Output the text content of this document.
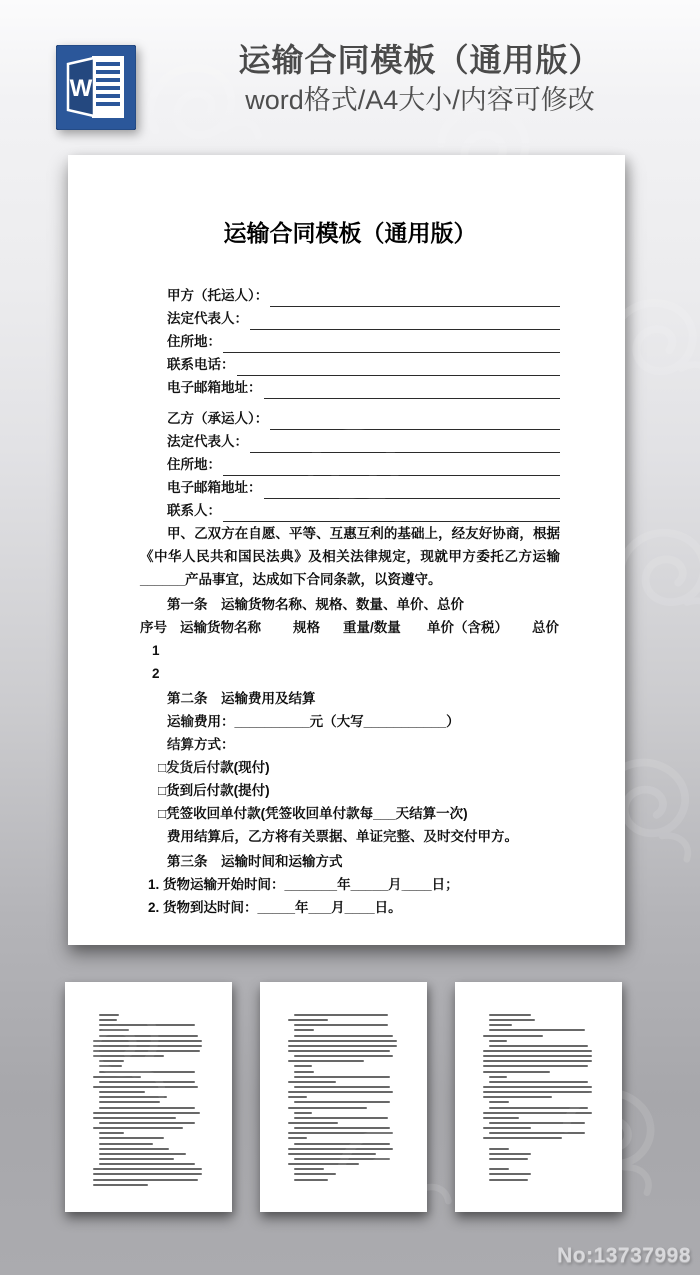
W
运输合同模板（通用版）
word格式/A4大小/内容可修改
运输合同模板（通用版）
甲方（托运人）：
法定代表人：
住所地：
联系电话：
电子邮箱地址：
乙方（承运人）：
法定代表人：
住所地：
电子邮箱地址：
联系人：
甲、乙双方在自愿、平等、互惠互利的基础上，经友好协商，根据《中华人民共和国民法典》及相关法律规定，现就甲方委托乙方运输______产品事宜，达成如下合同条款，以资遵守。
第一条　运输货物名称、规格、数量、单价、总价
序号 运输货物名称	规格	重量/数量	单价（含税）	总价
1
2
第二条　运输费用及结算
运输费用：__________元（大写___________）
结算方式：
□发货后付款(现付)
□货到后付款(提付)
□凭签收回单付款(凭签收回单付款每___天结算一次)
费用结算后，乙方将有关票据、单证完整、及时交付甲方。
第三条　运输时间和运输方式
1. 货物运输开始时间：_______年_____月____日；
2. 货物到达时间：_____年___月____日。
No:13737998
